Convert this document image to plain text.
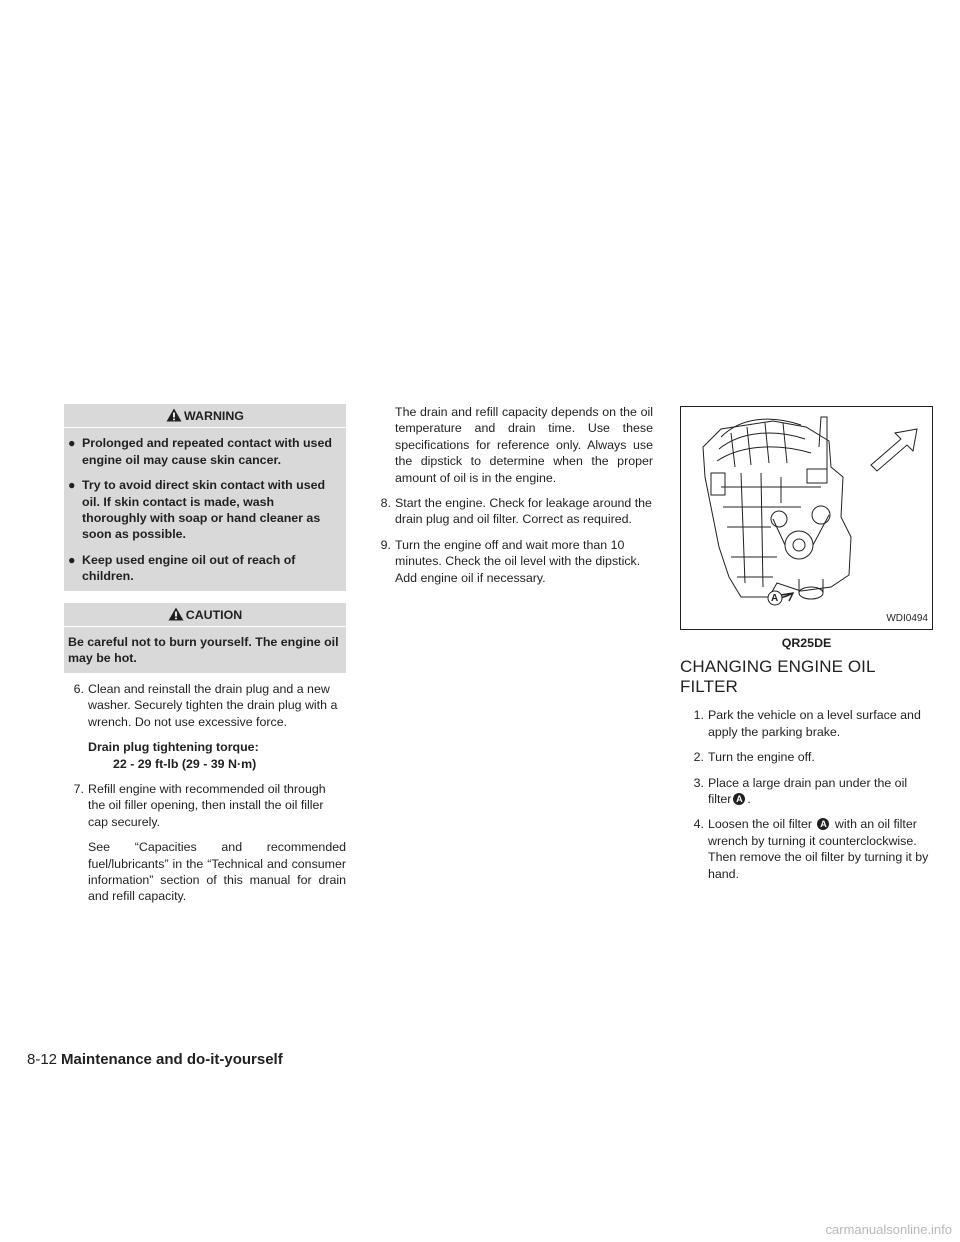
WARNING
● Prolonged and repeated contact with used engine oil may cause skin cancer.
● Try to avoid direct skin contact with used oil. If skin contact is made, wash thoroughly with soap or hand cleaner as soon as possible.
● Keep used engine oil out of reach of children.
CAUTION
Be careful not to burn yourself. The engine oil may be hot.
6. Clean and reinstall the drain plug and a new washer. Securely tighten the drain plug with a wrench. Do not use excessive force.

Drain plug tightening torque:
22 - 29 ft-lb (29 - 39 N·m)
7. Refill engine with recommended oil through the oil filler opening, then install the oil filler cap securely.

See “Capacities and recommended fuel/lubricants” in the “Technical and consumer information” section of this manual for drain and refill capacity.

The drain and refill capacity depends on the oil temperature and drain time. Use these specifications for reference only. Always use the dipstick to determine when the proper amount of oil is in the engine.
8. Start the engine. Check for leakage around the drain plug and oil filter. Correct as required.
9. Turn the engine off and wait more than 10 minutes. Check the oil level with the dipstick. Add engine oil if necessary.
A
WDI0494
QR25DE
CHANGING ENGINE OIL FILTER
1. Park the vehicle on a level surface and apply the parking brake.
2. Turn the engine off.
3. Place a large drain pan under the oil filter A .
4. Loosen the oil filter A with an oil filter wrench by turning it counterclockwise. Then remove the oil filter by turning it by hand.
8-12 Maintenance and do-it-yourself
carmanualsonline.info
